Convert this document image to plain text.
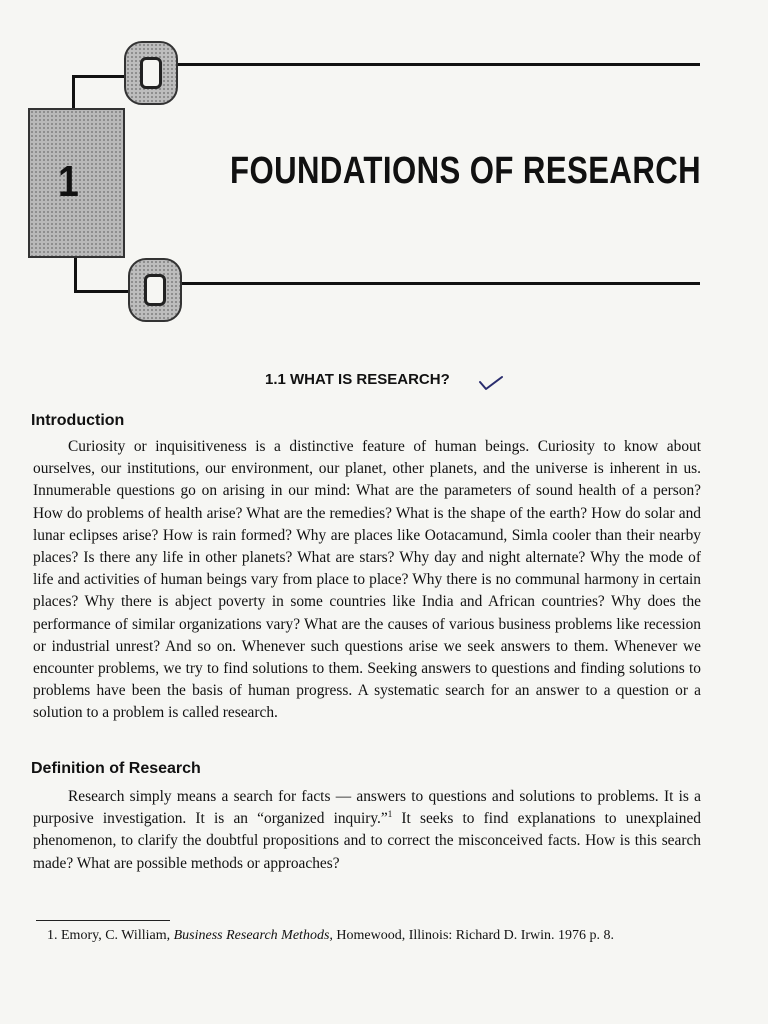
1	FOUNDATIONS OF RESEARCH
1.1 WHAT IS RESEARCH?
Introduction
Curiosity or inquisitiveness is a distinctive feature of human beings. Curiosity to know about ourselves, our institutions, our environment, our planet, other planets, and the universe is inherent in us. Innumerable questions go on arising in our mind: What are the parameters of sound health of a person? How do problems of health arise? What are the remedies? What is the shape of the earth? How do solar and lunar eclipses arise? How is rain formed? Why are places like Ootacamund, Simla cooler than their nearby places? Is there any life in other planets? What are stars? Why day and night alternate? Why the mode of life and activities of human beings vary from place to place? Why there is no communal harmony in certain places? Why there is abject poverty in some countries like India and African countries? Why does the performance of similar organizations vary? What are the causes of various business problems like recession or industrial unrest? And so on. Whenever such questions arise we seek answers to them. Whenever we encounter problems, we try to find solutions to them. Seeking answers to questions and finding solutions to problems have been the basis of human progress. A systematic search for an answer to a question or a solution to a problem is called research.
Definition of Research
Research simply means a search for facts — answers to questions and solutions to problems. It is a purposive investigation. It is an “organized inquiry.”$^1$ It seeks to find explanations to unexplained phenomenon, to clarify the doubtful propositions and to correct the misconceived facts. How is this search made? What are possible methods or approaches?
1. Emory, C. William, Business Research Methods, Homewood, Illinois: Richard D. Irwin. 1976 p. 8.
